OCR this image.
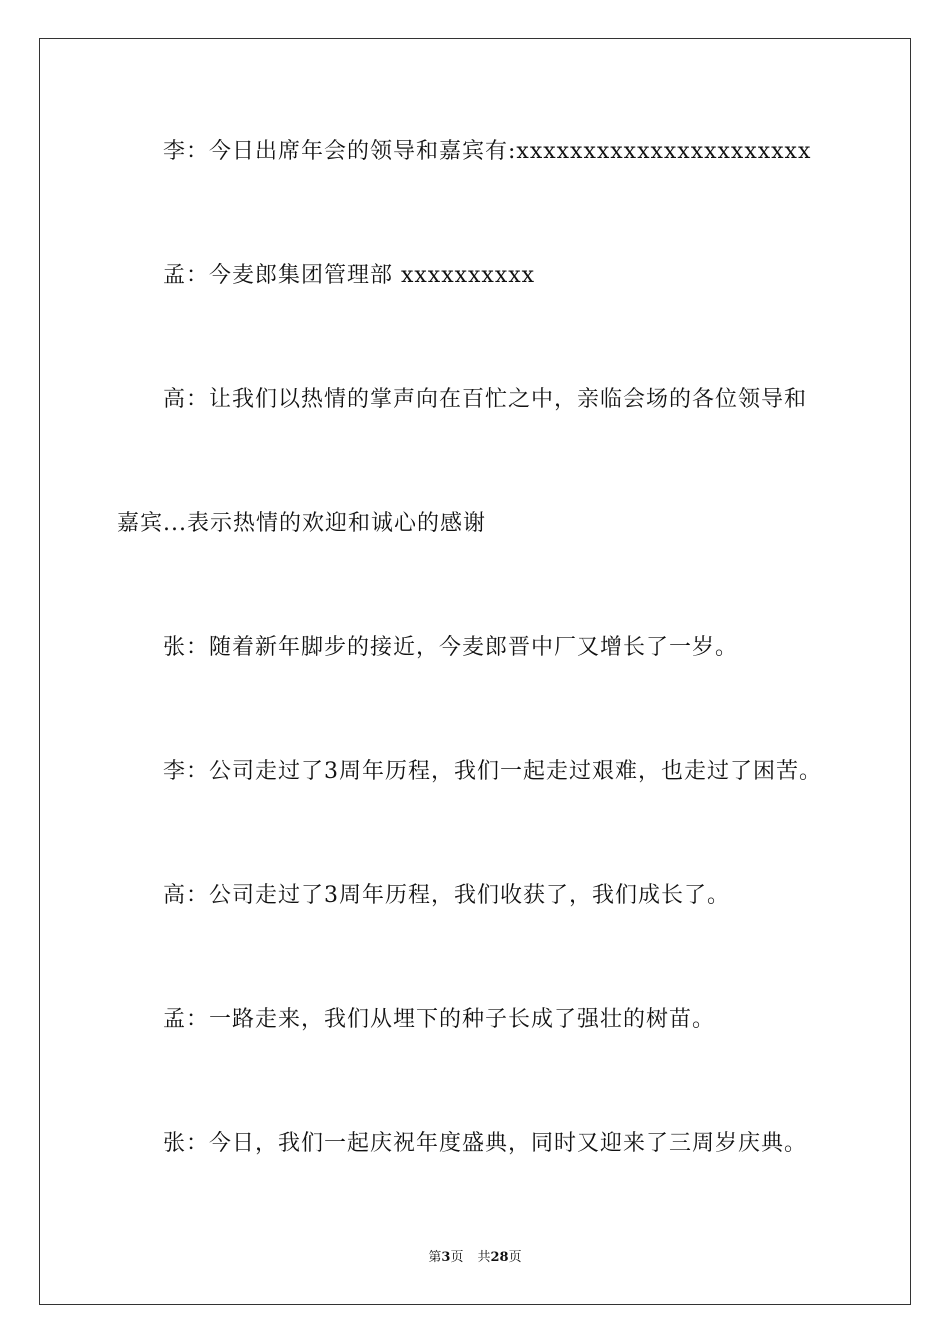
李：今日出席年会的领导和嘉宾有:xxxxxxxxxxxxxxxxxxxxxx
孟：今麦郎集团管理部 xxxxxxxxxx
高：让我们以热情的掌声向在百忙之中，亲临会场的各位领导和
嘉宾...表示热情的欢迎和诚心的感谢
张：随着新年脚步的接近，今麦郎晋中厂又增长了一岁。
李：公司走过了3周年历程，我们一起走过艰难，也走过了困苦。
高：公司走过了3周年历程，我们收获了，我们成长了。
孟：一路走来，我们从埋下的种子长成了强壮的树苗。
张：今日，我们一起庆祝年度盛典，同时又迎来了三周岁庆典。
第3页 共28页
